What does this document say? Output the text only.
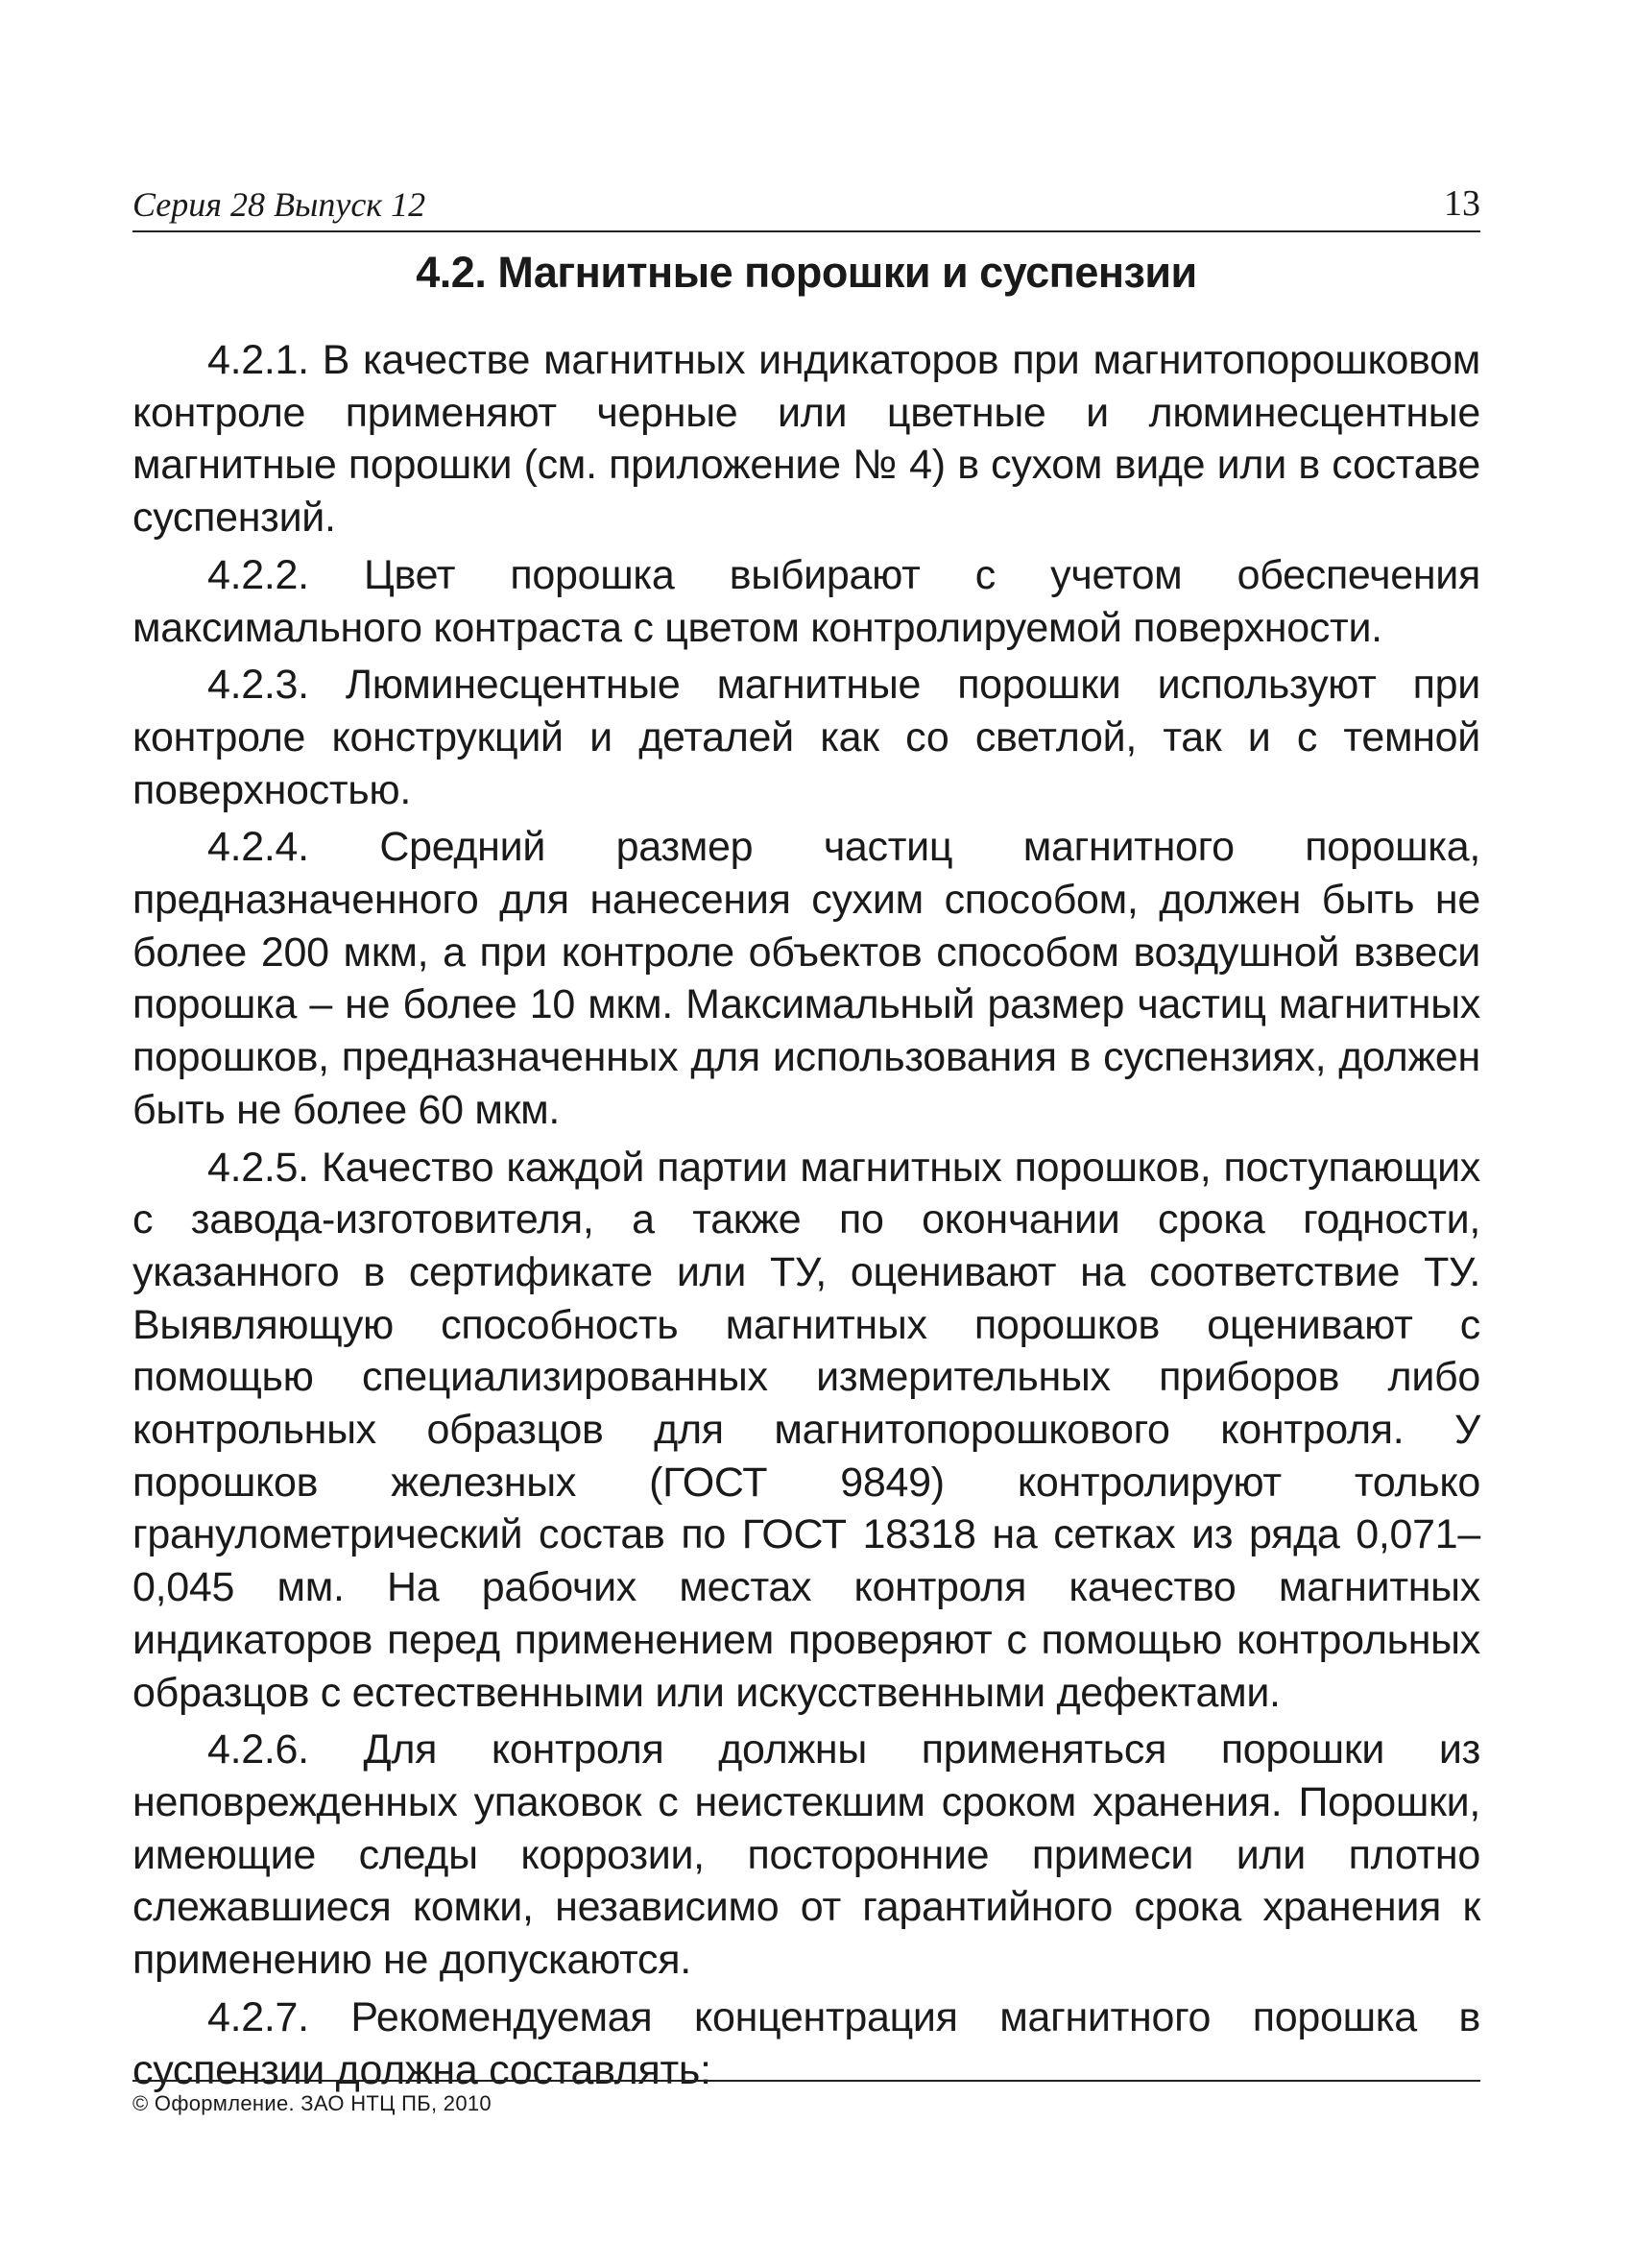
Серия 28 Выпуск 12	13
4.2. Магнитные порошки и суспензии

4.2.1. В качестве магнитных индикаторов при магнитопорошковом контроле применяют черные или цветные и люминесцентные магнитные порошки (см. приложение № 4) в сухом виде или в составе суспензий.

4.2.2. Цвет порошка выбирают с учетом обеспечения максимального контраста с цветом контролируемой поверхности.

4.2.3. Люминесцентные магнитные порошки используют при контроле конструкций и деталей как со светлой, так и с темной поверхностью.

4.2.4. Средний размер частиц магнитного порошка, предназначенного для нанесения сухим способом, должен быть не более 200 мкм, а при контроле объектов способом воздушной взвеси порошка – не более 10 мкм. Максимальный размер частиц магнитных порошков, предназначенных для использования в суспензиях, должен быть не более 60 мкм.

4.2.5. Качество каждой партии магнитных порошков, поступающих с завода-изготовителя, а также по окончании срока годности, указанного в сертификате или ТУ, оценивают на соответствие ТУ. Выявляющую способность магнитных порошков оценивают с помощью специализированных измерительных приборов либо контрольных образцов для магнитопорошкового контроля. У порошков железных (ГОСТ 9849) контролируют только гранулометрический состав по ГОСТ 18318 на сетках из ряда 0,071–0,045 мм. На рабочих местах контроля качество магнитных индикаторов перед применением проверяют с помощью контрольных образцов с естественными или искусственными дефектами.

4.2.6. Для контроля должны применяться порошки из неповрежденных упаковок с неистекшим сроком хранения. Порошки, имеющие следы коррозии, посторонние примеси или плотно слежавшиеся комки, независимо от гарантийного срока хранения к применению не допускаются.

4.2.7. Рекомендуемая концентрация магнитного порошка в суспензии должна составлять:

© Оформление. ЗАО НТЦ ПБ, 2010
